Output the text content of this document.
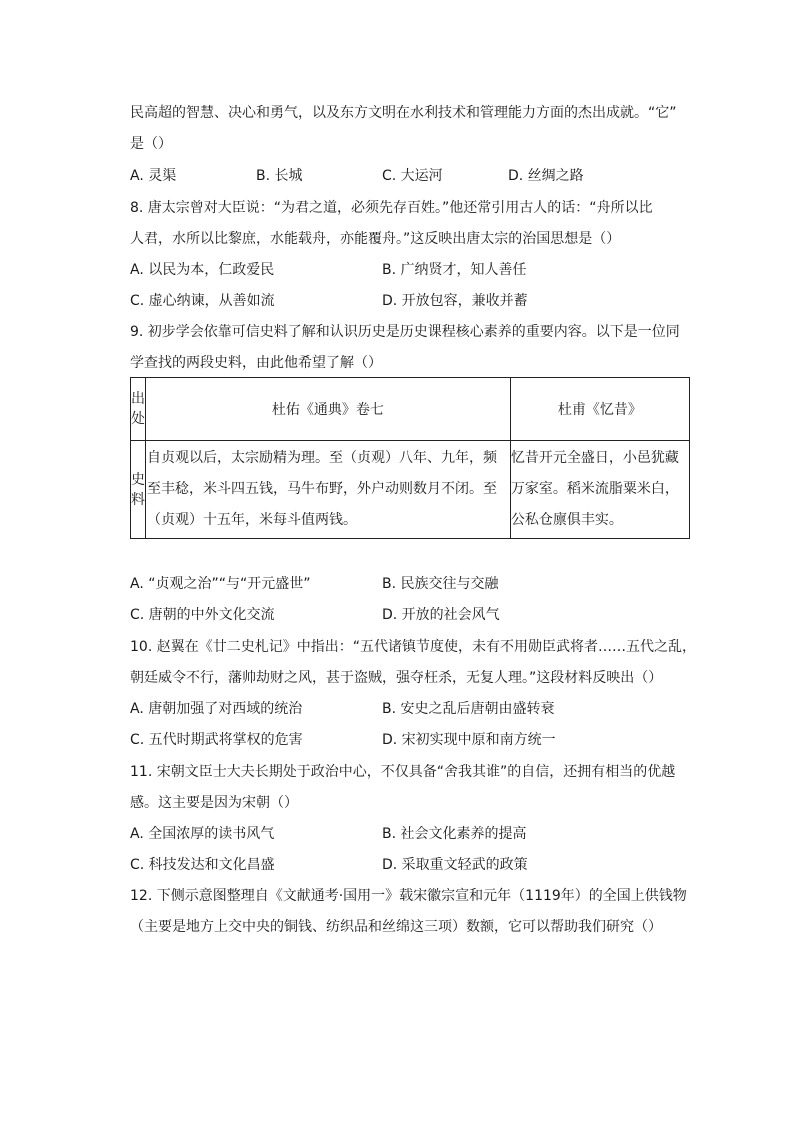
民高超的智慧、决心和勇气，以及东方文明在水利技术和管理能力方面的杰出成就。“它”
是（）
A. 灵渠	B. 长城	C. 大运河	D. 丝绸之路
8. 唐太宗曾对大臣说：“为君之道，必须先存百姓。”他还常引用古人的话：“舟所以比
人君，水所以比黎庶，水能载舟，亦能覆舟。”这反映出唐太宗的治国思想是（）
A. 以民为本，仁政爱民	B. 广纳贤才，知人善任
C. 虚心纳谏，从善如流	D. 开放包容，兼收并蓄
9. 初步学会依靠可信史料了解和认识历史是历史课程核心素养的重要内容。以下是一位同
学查找的两段史料，由此他希望了解（）
出处	杜佑《通典》卷七	杜甫《忆昔》
史料	自贞观以后，太宗励精为理。至（贞观）八年、九年，频至丰稔，米斗四五钱，马牛布野，外户动则数月不闭。至（贞观）十五年，米每斗值两钱。	忆昔开元全盛日，小邑犹藏万家室。稻米流脂粟米白，公私仓廪俱丰实。
A. “贞观之治”“与“开元盛世”	B. 民族交往与交融
C. 唐朝的中外文化交流	D. 开放的社会风气
10. 赵翼在《廿二史札记》中指出：“五代诸镇节度使，未有不用勋臣武将者……五代之乱，
朝廷威令不行，藩帅劫财之风，甚于盗贼，强夺枉杀，无复人理。”这段材料反映出（）
A. 唐朝加强了对西域的统治	B. 安史之乱后唐朝由盛转衰
C. 五代时期武将掌权的危害	D. 宋初实现中原和南方统一
11. 宋朝文臣士大夫长期处于政治中心，不仅具备“舍我其谁”的自信，还拥有相当的优越
感。这主要是因为宋朝（）
A. 全国浓厚的读书风气	B. 社会文化素养的提高
C. 科技发达和文化昌盛	D. 采取重文轻武的政策
12. 下侧示意图整理自《文献通考·国用一》载宋徽宗宣和元年（1119年）的全国上供钱物
（主要是地方上交中央的铜钱、纺织品和丝绵这三项）数额，它可以帮助我们研究（）
